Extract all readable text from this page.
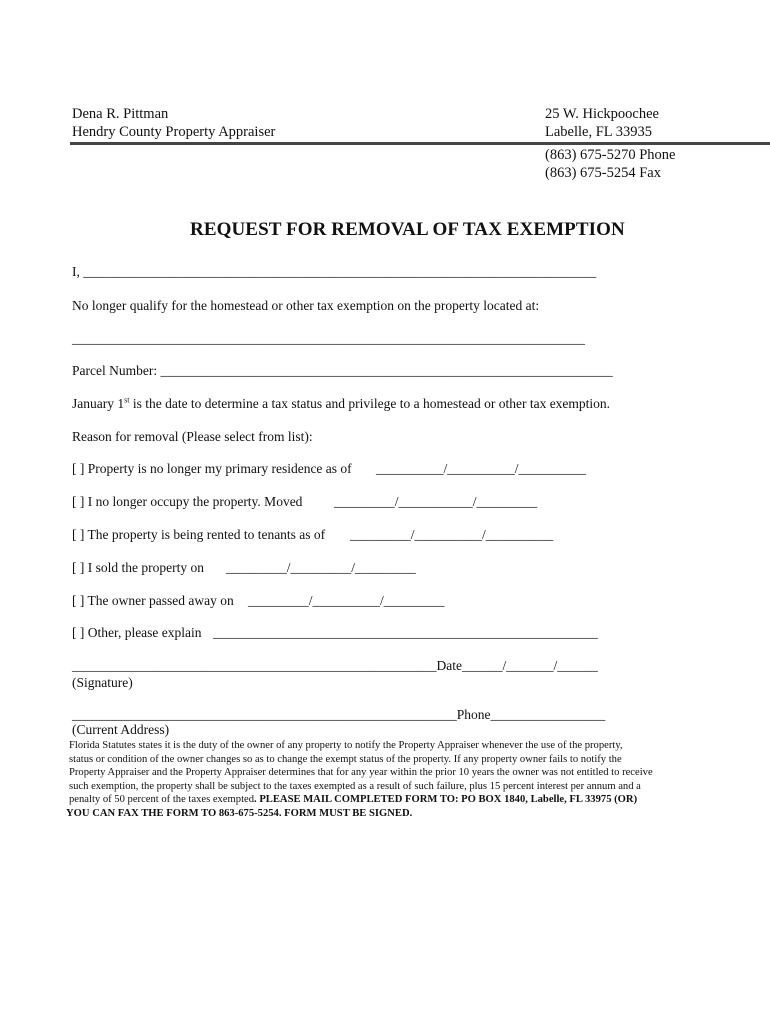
Dena R. Pittman
Hendry County Property Appraiser
25 W. Hickpoochee
Labelle, FL 33935
(863) 675-5270 Phone
(863) 675-5254 Fax
REQUEST FOR REMOVAL OF TAX EXEMPTION
I, ____________________________________________________________________________
No longer qualify for the homestead or other tax exemption on the property located at:
____________________________________________________________________________
Parcel Number: ___________________________________________________________________
January 1st is the date to determine a tax status and privilege to a homestead or other tax exemption.
Reason for removal (Please select from list):
[ ] Property is no longer my primary residence as of __________/__________/__________
[ ] I no longer occupy the property. Moved _________/___________/_________
[ ] The property is being rented to tenants as of _________/__________/__________
[ ] I sold the property on _________/_________/_________
[ ] The owner passed away on _________/__________/_________
[ ] Other, please explain _________________________________________________________
______________________________________________________Date______/_______/______
(Signature)
_________________________________________________________Phone_________________
(Current Address)
Florida Statutes states it is the duty of the owner of any property to notify the Property Appraiser whenever the use of the property,
status or condition of the owner changes so as to change the exempt status of the property. If any property owner fails to notify the
Property Appraiser and the Property Appraiser determines that for any year within the prior 10 years the owner was not entitled to receive
such exemption, the property shall be subject to the taxes exempted as a result of such failure, plus 15 percent interest per annum and a
penalty of 50 percent of the taxes exempted. PLEASE MAIL COMPLETED FORM TO: PO BOX 1840, Labelle, FL 33975 (OR)
YOU CAN FAX THE FORM TO 863-675-5254. FORM MUST BE SIGNED.
